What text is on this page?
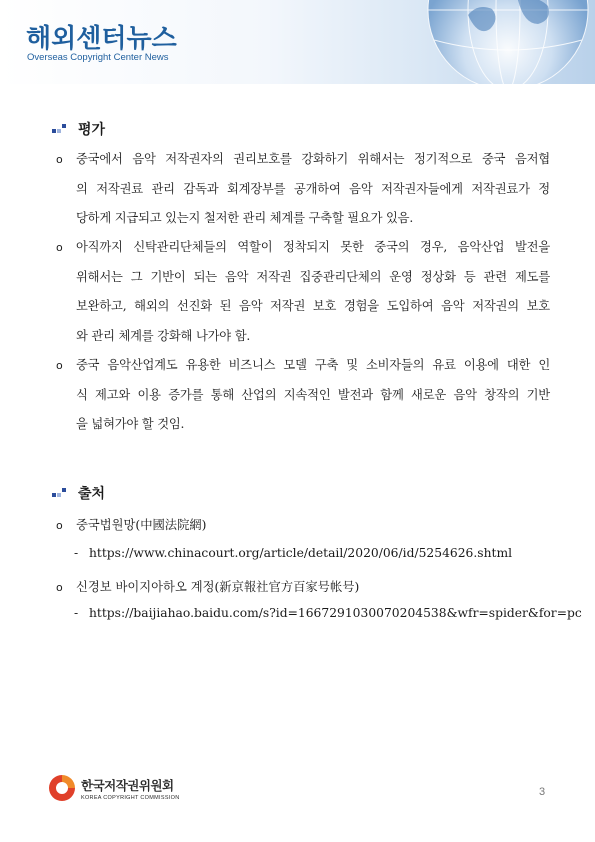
해외센터뉴스
Overseas Copyright Center News
평가
o	중국에서 음악 저작권자의 권리보호를 강화하기 위해서는 정기적으로 중국 음저협
의 저작권료 관리 감독과 회계장부를 공개하여 음악 저작권자들에게 저작권료가 정
당하게 지급되고 있는지 철저한 관리 체계를 구축할 필요가 있음.
o	아직까지 신탁관리단체들의 역할이 정착되지 못한 중국의 경우, 음악산업 발전을
위해서는 그 기반이 되는 음악 저작권 집중관리단체의 운영 정상화 등 관련 제도를
보완하고, 해외의 선진화 된 음악 저작권 보호 경험을 도입하여 음악 저작권의 보호
와 관리 체계를 강화해 나가야 함.
o	중국 음악산업계도 유용한 비즈니스 모델 구축 및 소비자들의 유료 이용에 대한 인
식 제고와 이용 증가를 통해 산업의 지속적인 발전과 함께 새로운 음악 창작의 기반
을 넓혀가야 할 것임.
출처
o 중국법원망(中國法院網)
- https://www.chinacourt.org/article/detail/2020/06/id/5254626.shtml
o 신경보 바이지아하오 계정(新京報社官方百家号帐号)
- https://baijiahao.baidu.com/s?id=1667291030070204538&wfr=spider&for=pc
한국저작권위원회
KOREA COPYRIGHT COMMISSION	3
